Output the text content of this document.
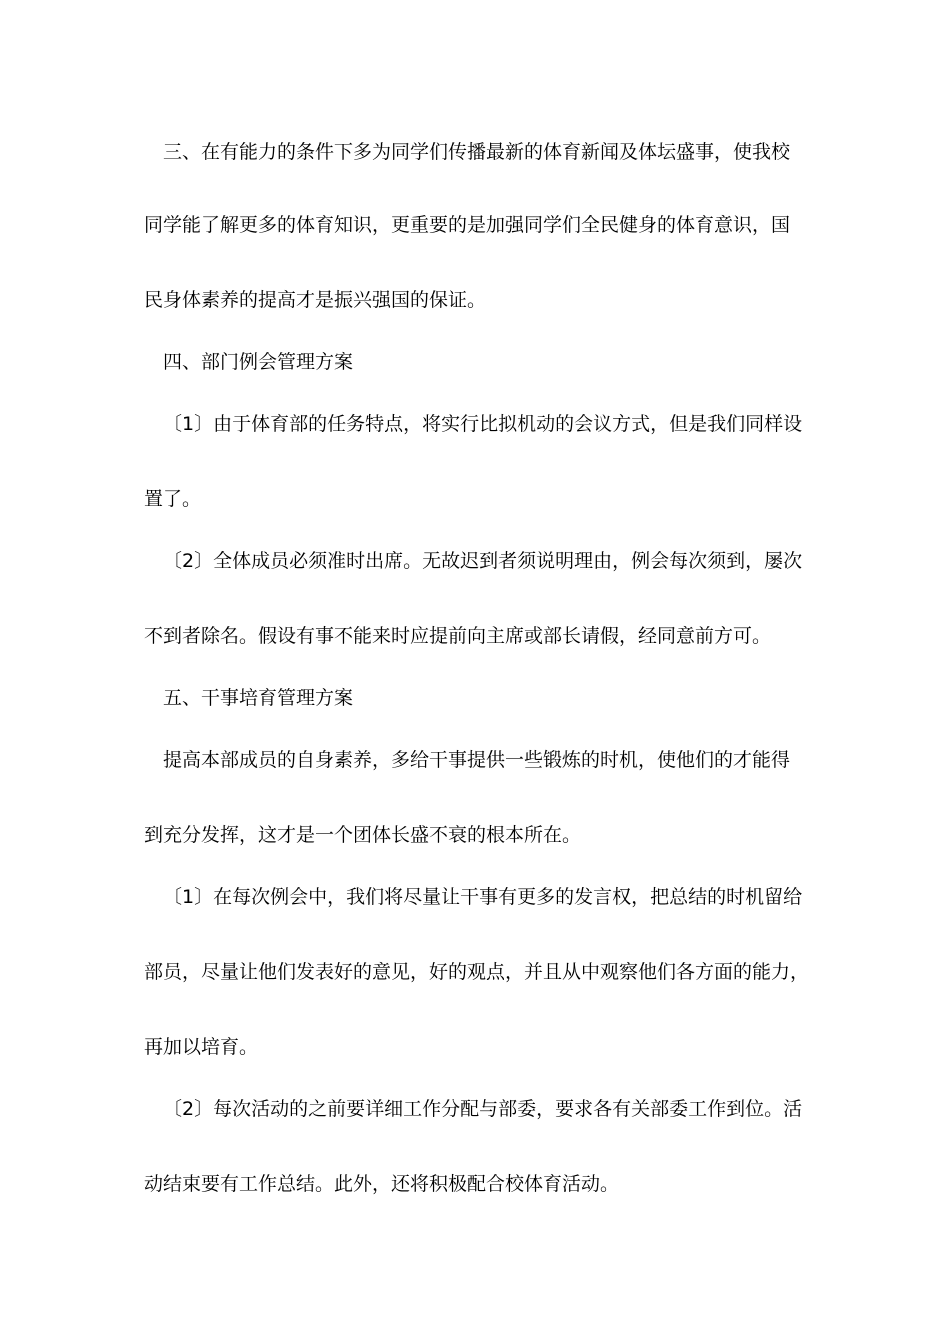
三、在有能力的条件下多为同学们传播最新的体育新闻及体坛盛事，使我校

同学能了解更多的体育知识，更重要的是加强同学们全民健身的体育意识，国

民身体素养的提高才是振兴强国的保证。

四、部门例会管理方案

〔1〕由于体育部的任务特点，将实行比拟机动的会议方式，但是我们同样设

置了。

〔2〕全体成员必须准时出席。无故迟到者须说明理由，例会每次须到，屡次

不到者除名。假设有事不能来时应提前向主席或部长请假，经同意前方可。

五、干事培育管理方案

提高本部成员的自身素养，多给干事提供一些锻炼的时机，使他们的才能得

到充分发挥，这才是一个团体长盛不衰的根本所在。

〔1〕在每次例会中，我们将尽量让干事有更多的发言权，把总结的时机留给

部员，尽量让他们发表好的意见，好的观点，并且从中观察他们各方面的能力，

再加以培育。

〔2〕每次活动的之前要详细工作分配与部委，要求各有关部委工作到位。活

动结束要有工作总结。此外，还将积极配合校体育活动。
